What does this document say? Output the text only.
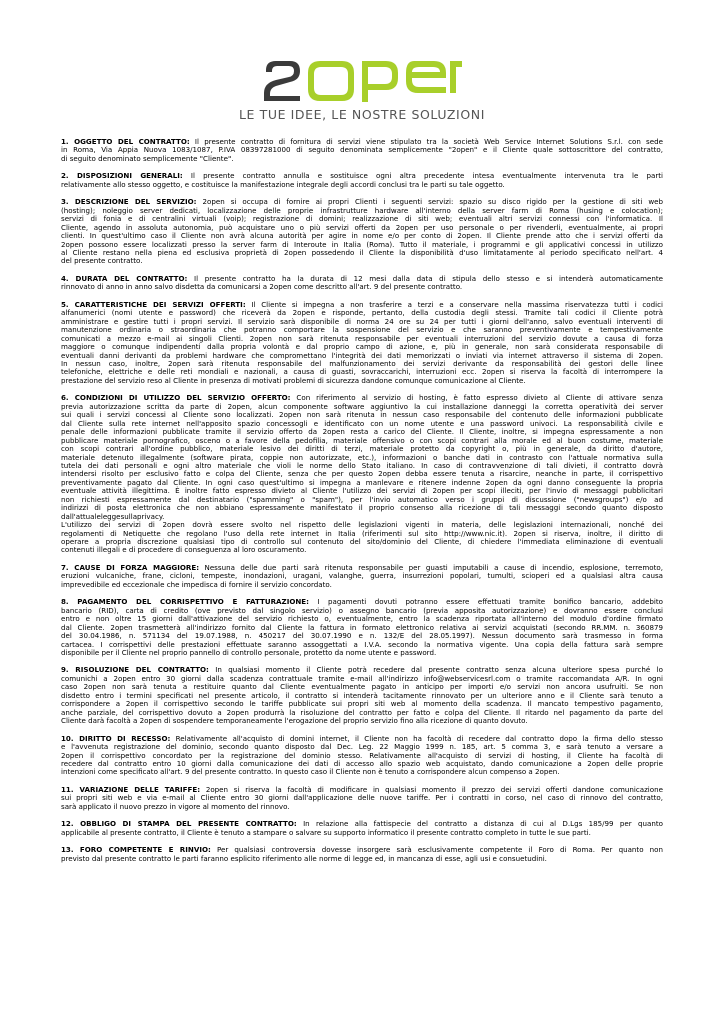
LE TUE IDEE, LE NOSTRE SOLUZIONI
1. OGGETTO DEL CONTRATTO: Il presente contratto di fornitura di servizi viene stipulato tra la società Web Service Internet Solutions S.r.l. con sede
in Roma, Via Appia Nuova 1083/1087, P.IVA 08397281000 di seguito denominata semplicemente "2open" e il Cliente quale sottoscrittore del contratto,
di seguito denominato semplicemente "Cliente".
2. DISPOSIZIONI GENERALI: Il presente contratto annulla e sostituisce ogni altra precedente intesa eventualmente intervenuta tra le parti
relativamente allo stesso oggetto, e costituisce la manifestazione integrale degli accordi conclusi tra le parti su tale oggetto.
3. DESCRIZIONE DEL SERVIZIO: 2open si occupa di fornire ai propri Clienti i seguenti servizi: spazio su disco rigido per la gestione di siti web
(hosting); noleggio server dedicati, localizzazione delle proprie infrastrutture hardware all'interno della server farm di Roma (husing e colocation);
servizi di fonia e di centralini virtuali (voip); registrazione di domini; realizzazione di siti web; eventuali altri servizi connessi con l'informatica. Il
Cliente, agendo in assoluta autonomia, può acquistare uno o più servizi offerti da 2open per uso personale o per rivenderli, eventualmente, ai propri
clienti. In quest'ultimo caso il Cliente non avrà alcuna autorità per agire in nome e/o per conto di 2open. Il Cliente prende atto che i servizi offerti da
2open possono essere localizzati presso la server farm di Interoute in Italia (Roma). Tutto il materiale, i programmi e gli applicativi concessi in utilizzo
al Cliente restano nella piena ed esclusiva proprietà di 2open possedendo il Cliente la disponibilità d'uso limitatamente al periodo specificato nell'art. 4
del presente contratto.
4. DURATA DEL CONTRATTO: Il presente contratto ha la durata di 12 mesi dalla data di stipula dello stesso e si intenderà automaticamente
rinnovato di anno in anno salvo disdetta da comunicarsi a 2open come descritto all'art. 9 del presente contratto.
5. CARATTERISTICHE DEI SERVIZI OFFERTI: Il Cliente si impegna a non trasferire a terzi e a conservare nella massima riservatezza tutti i codici
alfanumerici (nomi utente e password) che riceverà da 2open e risponde, pertanto, della custodia degli stessi. Tramite tali codici il Cliente potrà
amministrare e gestire tutti i propri servizi. Il servizio sarà disponibile di norma 24 ore su 24 per tutti i giorni dell'anno, salvo eventuali interventi di
manutenzione ordinaria o straordinaria che potranno comportare la sospensione del servizio e che saranno preventivamente e tempestivamente
comunicati a mezzo e-mail ai singoli Clienti. 2open non sarà ritenuta responsabile per eventuali interruzioni del servizio dovute a causa di forza
maggiore o comunque indipendenti dalla propria volontà e dal proprio campo di azione, e, più in generale, non sarà considerata responsabile di
eventuali danni derivanti da problemi hardware che compromettano l'integrità dei dati memorizzati o inviati via internet attraverso il sistema di 2open.
In nessun caso, inoltre, 2open sarà ritenuta responsabile del malfunzionamento dei servizi derivante da responsabilità dei gestori delle linee
telefoniche, elettriche e delle reti mondiali e nazionali, a causa di guasti, sovraccarichi, interruzioni ecc. 2open si riserva la facoltà di interrompere la
prestazione del servizio reso al Cliente in presenza di motivati problemi di sicurezza dandone comunque comunicazione al Cliente.
6. CONDIZIONI DI UTILIZZO DEL SERVIZIO OFFERTO: Con riferimento al servizio di hosting, è fatto espresso divieto al Cliente di attivare senza
previa autorizzazione scritta da parte di 2open, alcun componente software aggiuntivo la cui installazione danneggi la corretta operatività dei server
sui quali i servizi concessi al Cliente sono localizzati. 2open non sarà ritenuta in nessun caso responsabile del contenuto delle informazioni pubblicate
dal Cliente sulla rete internet nell'apposito spazio concessogli e identificato con un nome utente e una password univoci. La responsabilità civile e
penale delle informazioni pubblicate tramite il servizio offerto da 2open resta a carico del Cliente. Il Cliente, inoltre, si impegna espressamente a non
pubblicare materiale pornografico, osceno o a favore della pedofilia, materiale offensivo o con scopi contrari alla morale ed al buon costume, materiale
con scopi contrari all'ordine pubblico, materiale lesivo dei diritti di terzi, materiale protetto da copyright o, più in generale, da diritto d'autore,
materiale detenuto illegalmente (software pirata, coppie non autorizzate, etc.), informazioni o banche dati in contrasto con l'attuale normativa sulla
tutela dei dati personali e ogni altro materiale che violi le norme dello Stato italiano. In caso di contravvenzione di tali divieti, il contratto dovrà
intendersi risolto per esclusivo fatto e colpa del Cliente, senza che per questo 2open debba essere tenuta a risarcire, neanche in parte, il corrispettivo
preventivamente pagato dal Cliente. In ogni caso quest'ultimo si impegna a manlevare e ritenere indenne 2open da ogni danno conseguente la propria
eventuale attività illegittima. È inoltre fatto espresso divieto al Cliente l'utilizzo dei servizi di 2open per scopi illeciti, per l'invio di messaggi pubblicitari
non richiesti espressamente dal destinatario ("spamming" o "spam"), per l'invio automatico verso i gruppi di discussione ("newsgroups") e/o ad
indirizzi di posta elettronica che non abbiano espressamente manifestato il proprio consenso alla ricezione di tali messaggi secondo quanto disposto
dall'attualeleggesullaprivacy.
L'utilizzo dei servizi di 2open dovrà essere svolto nel rispetto delle legislazioni vigenti in materia, delle legislazioni internazionali, nonché dei
regolamenti di Netiquette che regolano l'uso della rete internet in Italia (riferimenti sul sito http://www.nic.it). 2open si riserva, inoltre, il diritto di
operare a propria discrezione qualsiasi tipo di controllo sul contenuto del sito/dominio del Cliente, di chiedere l'immediata eliminazione di eventuali
contenuti illegali e di procedere di conseguenza al loro oscuramento.
7. CAUSE DI FORZA MAGGIORE: Nessuna delle due parti sarà ritenuta responsabile per guasti imputabili a cause di incendio, esplosione, terremoto,
eruzioni vulcaniche, frane, cicloni, tempeste, inondazioni, uragani, valanghe, guerra, insurrezioni popolari, tumulti, scioperi ed a qualsiasi altra causa
imprevedibile ed eccezionale che impedisca di fornire il servizio concordato.
8. PAGAMENTO DEL CORRISPETTIVO E FATTURAZIONE: I pagamenti dovuti potranno essere effettuati tramite bonifico bancario, addebito
bancario (RID), carta di credito (ove previsto dal singolo servizio) o assegno bancario (previa apposita autorizzazione) e dovranno essere conclusi
entro e non oltre 15 giorni dall'attivazione del servizio richiesto o, eventualmente, entro la scadenza riportata all'interno del modulo d'ordine firmato
dal Cliente. 2open trasmetterà all'indirizzo fornito dal Cliente la fattura in formato elettronico relativa ai servizi acquistati (secondo RR.MM. n. 360879
del 30.04.1986, n. 571134 del 19.07.1988, n. 450217 del 30.07.1990 e n. 132/E del 28.05.1997). Nessun documento sarà trasmesso in forma
cartacea. I corrispettivi delle prestazioni effettuate saranno assoggettati a I.V.A. secondo la normativa vigente. Una copia della fattura sarà sempre
disponibile per il Cliente nel proprio pannello di controllo personale, protetto da nome utente e password.
9. RISOLUZIONE DEL CONTRATTO: In qualsiasi momento il Cliente potrà recedere dal presente contratto senza alcuna ulteriore spesa purché lo
comunichi a 2open entro 30 giorni dalla scadenza contrattuale tramite e-mail all'indirizzo info@webservicesrl.com o tramite raccomandata A/R. In ogni
caso 2open non sarà tenuta a restituire quanto dal Cliente eventualmente pagato in anticipo per importi e/o servizi non ancora usufruiti. Se non
disdetto entro i termini specificati nel presente articolo, il contratto si intenderà tacitamente rinnovato per un ulteriore anno e il Cliente sarà tenuto a
corrispondere a 2open il corrispettivo secondo le tariffe pubblicate sui propri siti web al momento della scadenza. Il mancato tempestivo pagamento,
anche parziale, del corrispettivo dovuto a 2open produrrà la risoluzione del contratto per fatto e colpa del Cliente. Il ritardo nel pagamento da parte del
Cliente darà facoltà a 2open di sospendere temporaneamente l'erogazione del proprio servizio fino alla ricezione di quanto dovuto.
10. DIRITTO DI RECESSO: Relativamente all'acquisto di domini internet, il Cliente non ha facoltà di recedere dal contratto dopo la firma dello stesso
e l'avvenuta registrazione del dominio, secondo quanto disposto dal Dec. Leg. 22 Maggio 1999 n. 185, art. 5 comma 3, e sarà tenuto a versare a
2open il corrispettivo concordato per la registrazione del dominio stesso. Relativamente all'acquisto di servizi di hosting, il Cliente ha facoltà di
recedere dal contratto entro 10 giorni dalla comunicazione dei dati di accesso allo spazio web acquistato, dando comunicazione a 2open delle proprie
intenzioni come specificato all'art. 9 del presente contratto. In questo caso il Cliente non è tenuto a corrispondere alcun compenso a 2open.
11. VARIAZIONE DELLE TARIFFE: 2open si riserva la facoltà di modificare in qualsiasi momento il prezzo dei servizi offerti dandone comunicazione
sui propri siti web e via e-mail al Cliente entro 30 giorni dall'applicazione delle nuove tariffe. Per i contratti in corso, nel caso di rinnovo del contratto,
sarà applicato il nuovo prezzo in vigore al momento del rinnovo.
12. OBBLIGO DI STAMPA DEL PRESENTE CONTRATTO: In relazione alla fattispecie del contratto a distanza di cui al D.Lgs 185/99 per quanto
applicabile al presente contratto, il Cliente è tenuto a stampare o salvare su supporto informatico il presente contratto completo in tutte le sue parti.
13. FORO COMPETENTE E RINVIO: Per qualsiasi controversia dovesse insorgere sarà esclusivamente competente il Foro di Roma. Per quanto non
previsto dal presente contratto le parti faranno esplicito riferimento alle norme di legge ed, in mancanza di esse, agli usi e consuetudini.
